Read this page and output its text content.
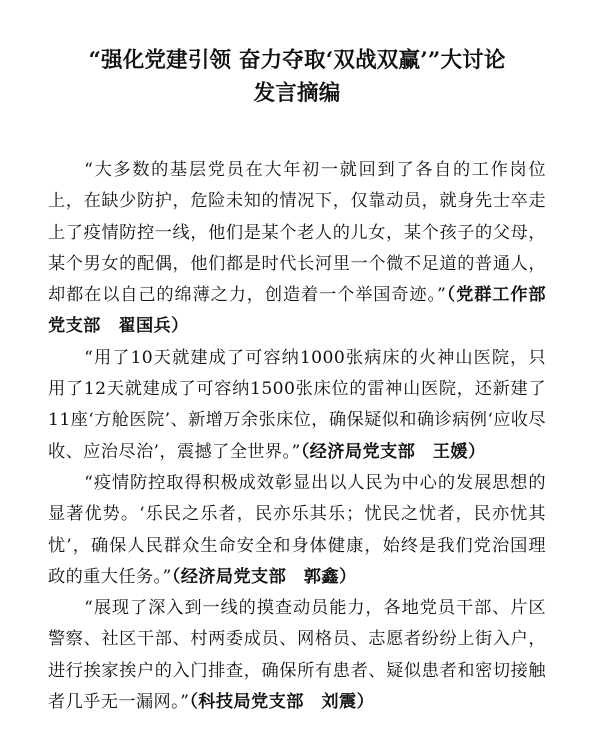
“强化党建引领 奋力夺取‘双战双赢’”大讨论
发言摘编

“大多数的基层党员在大年初一就回到了各自的工作岗位上，在缺少防护，危险未知的情况下，仅靠动员，就身先士卒走上了疫情防控一线，他们是某个老人的儿女，某个孩子的父母，某个男女的配偶，他们都是时代长河里一个微不足道的普通人，却都在以自己的绵薄之力，创造着一个举国奇迹。”（党群工作部党支部　翟国兵）

“用了10天就建成了可容纳1000张病床的火神山医院，只用了12天就建成了可容纳1500张床位的雷神山医院，还新建了11座‘方舱医院’、新增万余张床位，确保疑似和确诊病例‘应收尽收、应治尽治’，震撼了全世界。”（经济局党支部　王媛）

“疫情防控取得积极成效彰显出以人民为中心的发展思想的显著优势。‘乐民之乐者，民亦乐其乐；忧民之忧者，民亦忧其忧’，确保人民群众生命安全和身体健康，始终是我们党治国理政的重大任务。”（经济局党支部　郭鑫）

“展现了深入到一线的摸查动员能力，各地党员干部、片区警察、社区干部、村两委成员、网格员、志愿者纷纷上街入户，进行挨家挨户的入门排查，确保所有患者、疑似患者和密切接触者几乎无一漏网。”（科技局党支部　刘震）
